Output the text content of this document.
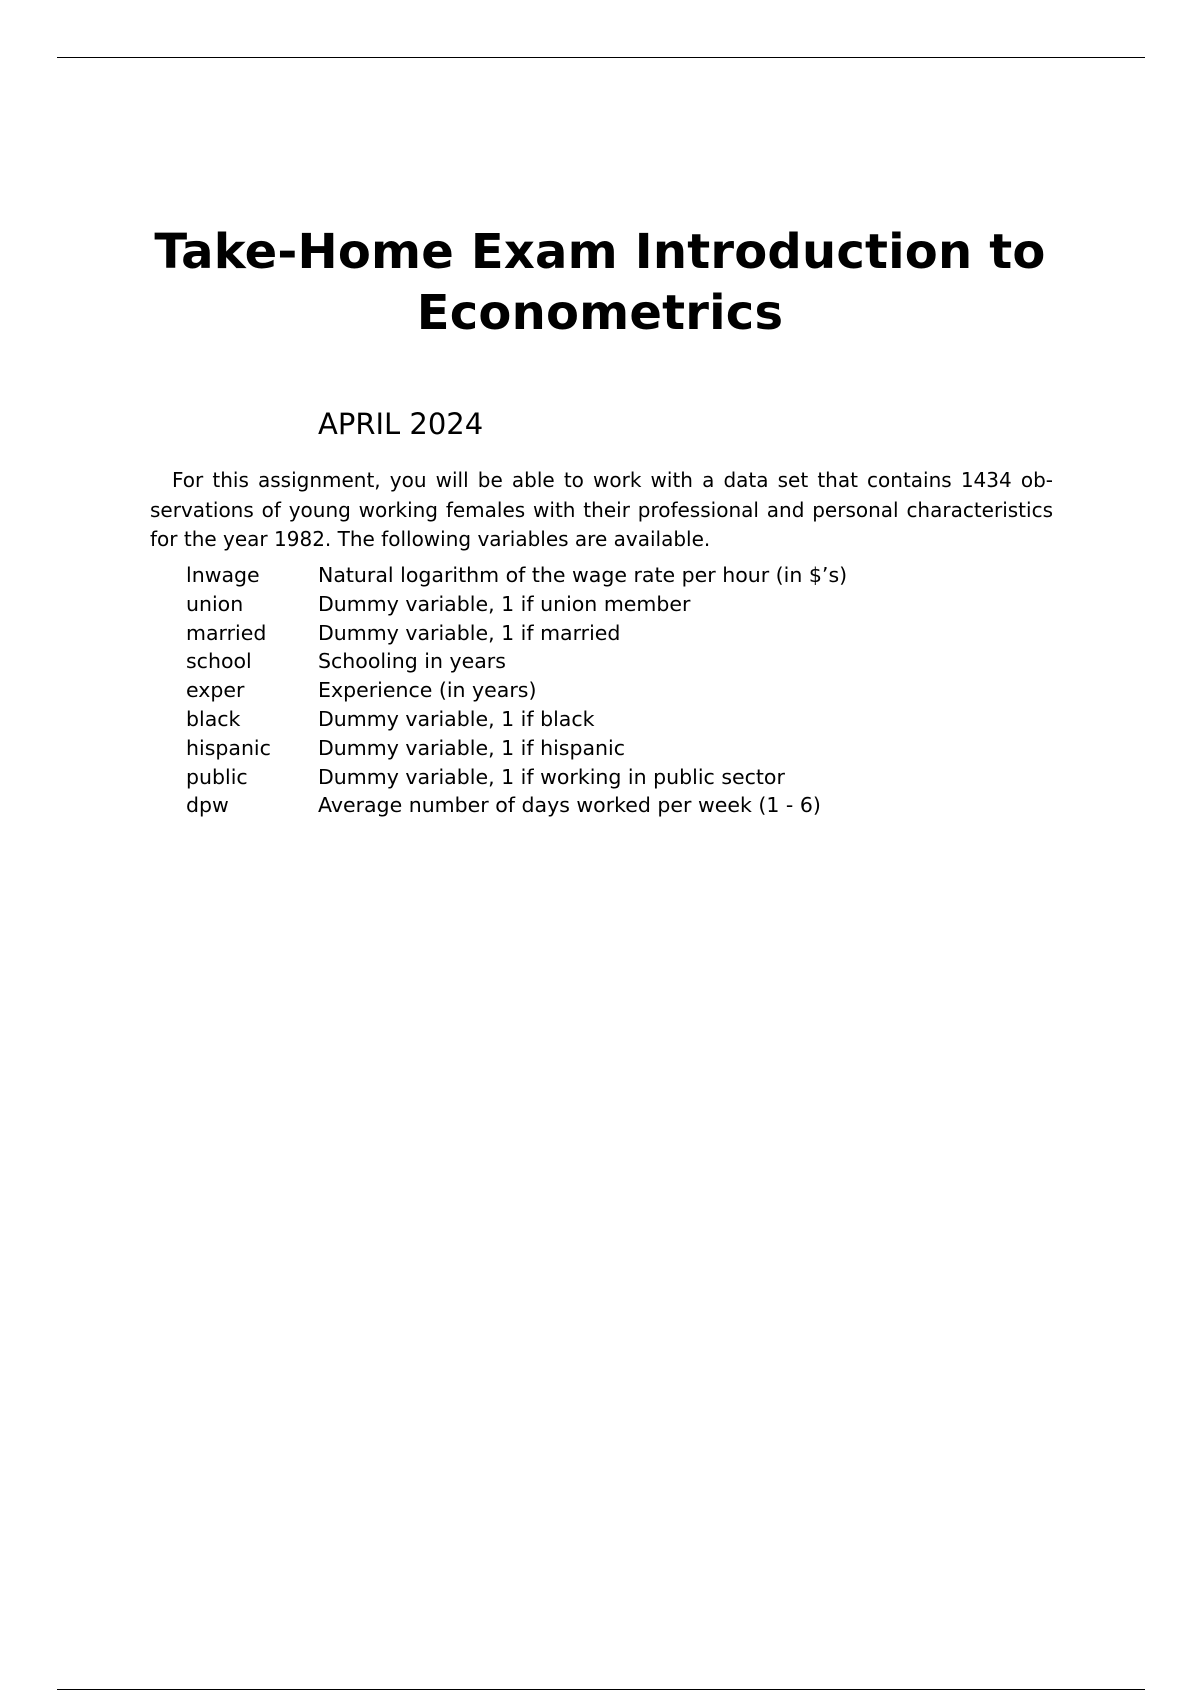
Take-Home Exam Introduction to
Econometrics
APRIL 2024
For this assignment, you will be able to work with a data set that contains 1434 ob-
servations of young working females with their professional and personal characteristics
for the year 1982. The following variables are available.
lnwage	Natural logarithm of the wage rate per hour (in $’s)
union	Dummy variable, 1 if union member
married	Dummy variable, 1 if married
school	Schooling in years
exper	Experience (in years)
black	Dummy variable, 1 if black
hispanic	Dummy variable, 1 if hispanic
public	Dummy variable, 1 if working in public sector
dpw	Average number of days worked per week (1 - 6)
